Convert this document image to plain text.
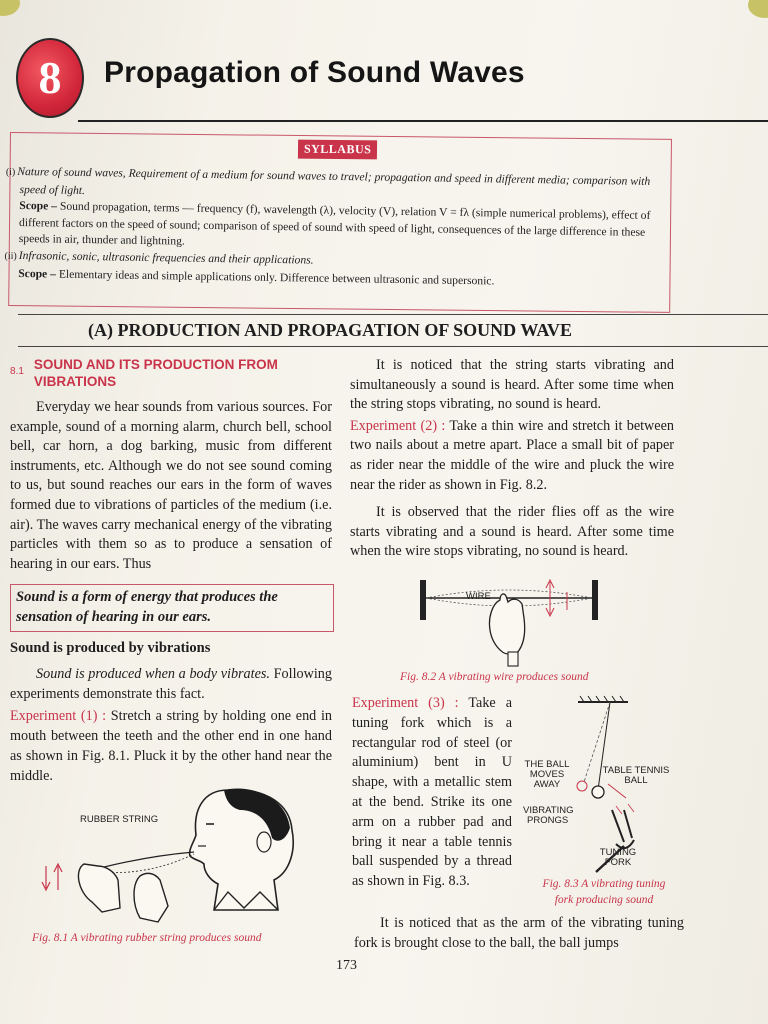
8 Propagation of Sound Waves
SYLLABUS

(i) Nature of sound waves, Requirement of a medium for sound waves to travel; propagation and speed in different media; comparison with speed of light.

Scope – Sound propagation, terms — frequency (f), wavelength (λ), velocity (V), relation V = fλ (simple numerical problems), effect of different factors on the speed of sound; comparison of speed of sound with speed of light, consequences of the large difference in these speeds in air, thunder and lightning.

(ii) Infrasonic, sonic, ultrasonic frequencies and their applications.

Scope – Elementary ideas and simple applications only. Difference between ultrasonic and supersonic.

(A) PRODUCTION AND PROPAGATION OF SOUND WAVE
8.1 SOUND AND ITS PRODUCTION FROM VIBRATIONS

Everyday we hear sounds from various sources. For example, sound of a morning alarm, church bell, school bell, car horn, a dog barking, music from different instruments, etc. Although we do not see sound coming to us, but sound reaches our ears in the form of waves formed due to vibrations of particles of the medium (i.e. air). The waves carry mechanical energy of the vibrating particles with them so as to produce a sensation of hearing in our ears. Thus

Sound is a form of energy that produces the sensation of hearing in our ears.
Sound is produced by vibrations

Sound is produced when a body vibrates. Following experiments demonstrate this fact.

Experiment (1) : Stretch a string by holding one end in mouth between the teeth and the other end in one hand as shown in Fig. 8.1. Pluck it by the other hand near the middle.

RUBBER STRING
Fig. 8.1 A vibrating rubber string produces sound

It is noticed that the string starts vibrating and simultaneously a sound is heard. After some time when the string stops vibrating, no sound is heard.

Experiment (2) : Take a thin wire and stretch it between two nails about a metre apart. Place a small bit of paper as rider near the middle of the wire and pluck the wire near the rider as shown in Fig. 8.2.

It is observed that the rider flies off as the wire starts vibrating and a sound is heard. After some time when the wire stops vibrating, no sound is heard.

WIRE
Fig. 8.2 A vibrating wire produces sound

Experiment (3) : Take a tuning fork which is a rectangular rod of steel (or aluminium) bent in U shape, with a metallic stem at the bend. Strike its one arm on a rubber pad and bring it near a table tennis ball suspended by a thread as shown in Fig. 8.3.

THE BALL
MOVES
AWAY
TABLE TENNIS
BALL
VIBRATING
PRONGS
TUNING
FORK
Fig. 8.3 A vibrating tuning
fork producing sound

It is noticed that as the arm of the vibrating tuning fork is brought close to the ball, the ball jumps

173
